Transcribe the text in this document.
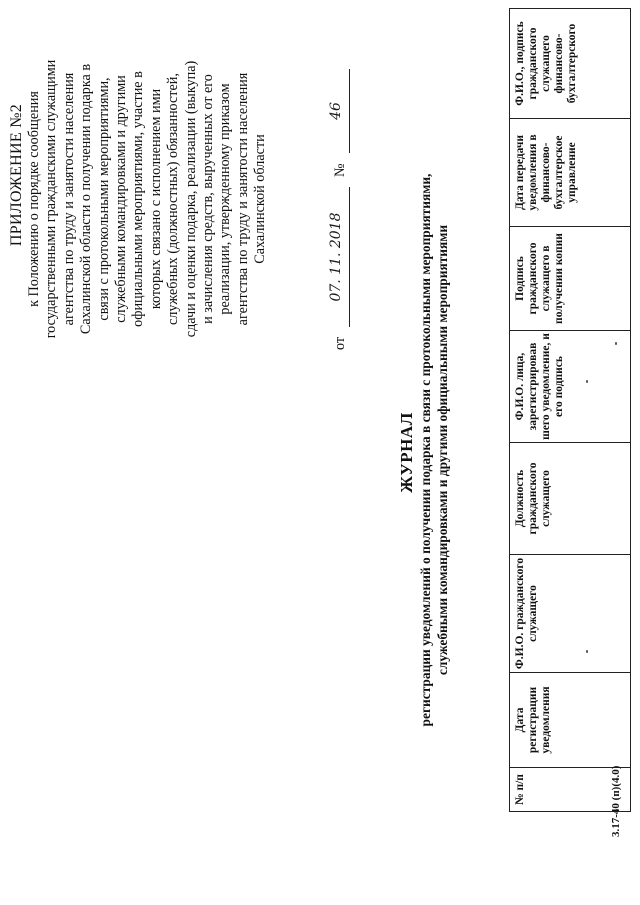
ПРИЛОЖЕНИЕ №2 к Положению о порядке сообщения государственными гражданскими служащими агентства по труду и занятости населения Сахалинской области о получении подарка в связи с протокольными мероприятиями, служебными командировками и другими официальными мероприятиями, участие в которых связано с исполнением ими служебных (должностных) обязанностей, сдачи и оценки подарка, реализации (выкупа) и зачисления средств, вырученных от его реализации, утвержденному приказом агентства по труду и занятости населения Сахалинской области
от
07. 11. 2018
№
46
ЖУРНАЛ регистрации уведомлений о получении подарка в связи с протокольными мероприятиями, служебными командировками и другими официальными мероприятиями
№ п/п	Дата регистрации уведомления	Ф.И.О. гражданского служащего	Должность гражданского служащего	Ф.И.О. лица, зарегистрировав шего уведомление, и его подпись	Подпись гражданского служащего в получении копии	Дата передачи уведомления в финансово-бухгалтерское управление	Ф.И.О., подпись гражданского служащего финансово-бухгалтерского
3.17-40 (п)(4.0)
